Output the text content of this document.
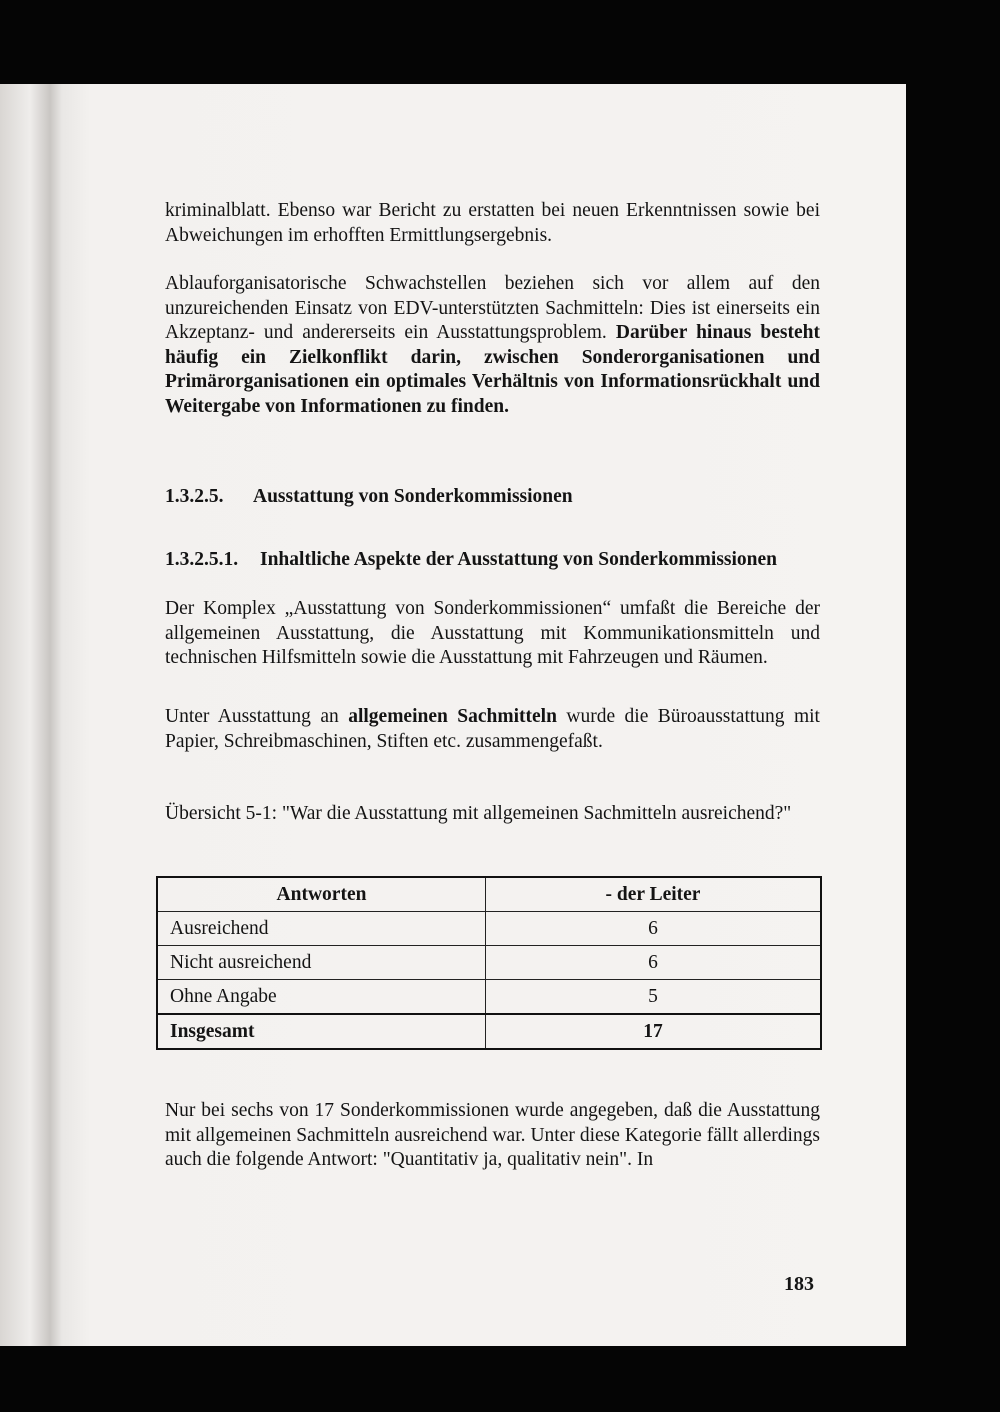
kriminalblatt. Ebenso war Bericht zu erstatten bei neuen Erkenntnissen sowie bei Abweichungen im erhofften Ermittlungsergebnis.

Ablauforganisatorische Schwachstellen beziehen sich vor allem auf den unzureichenden Einsatz von EDV-unterstützten Sachmitteln: Dies ist einerseits ein Akzeptanz- und andererseits ein Ausstattungsproblem. Darüber hinaus besteht häufig ein Zielkonflikt darin, zwischen Sonderorganisationen und Primärorganisationen ein optimales Verhältnis von Informationsrückhalt und Weitergabe von Informationen zu finden.

1.3.2.5. Ausstattung von Sonderkommissionen
1.3.2.5.1. Inhaltliche Aspekte der Ausstattung von Sonderkommissionen

Der Komplex „Ausstattung von Sonderkommissionen“ umfaßt die Bereiche der allgemeinen Ausstattung, die Ausstattung mit Kommunikationsmitteln und technischen Hilfsmitteln sowie die Ausstattung mit Fahrzeugen und Räumen.

Unter Ausstattung an allgemeinen Sachmitteln wurde die Büroausstattung mit Papier, Schreibmaschinen, Stiften etc. zusammengefaßt.

Übersicht 5-1: "War die Ausstattung mit allgemeinen Sachmitteln ausreichend?"

Antworten	- der Leiter
Ausreichend	6
Nicht ausreichend	6
Ohne Angabe	5
Insgesamt	17

Nur bei sechs von 17 Sonderkommissionen wurde angegeben, daß die Ausstattung mit allgemeinen Sachmitteln ausreichend war. Unter diese Kategorie fällt allerdings auch die folgende Antwort: "Quantitativ ja, qualitativ nein". In

183
